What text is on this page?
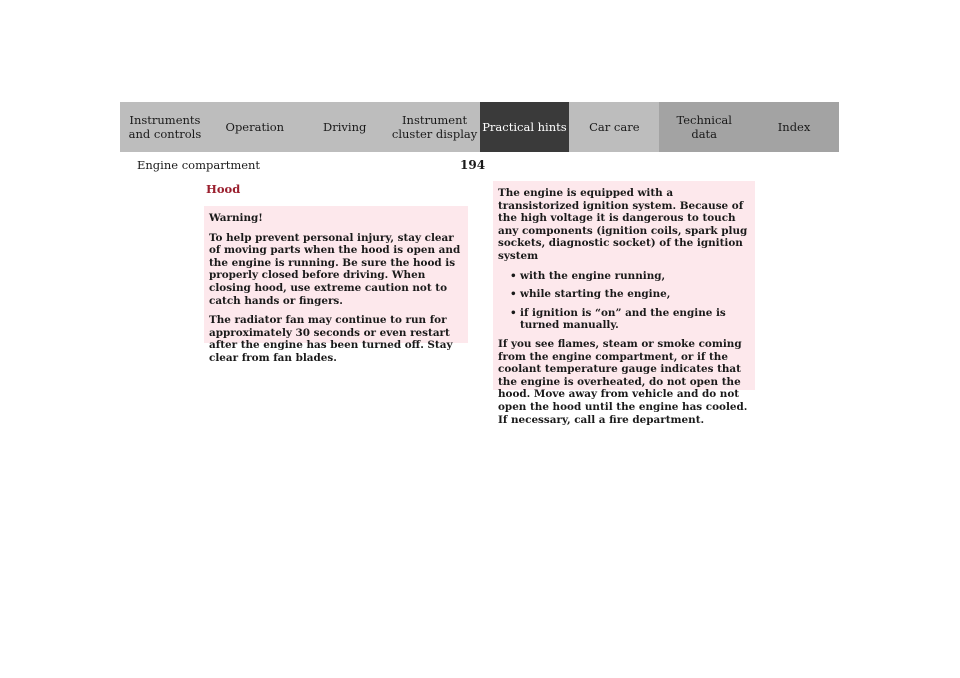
Instruments
and controls	Operation	Driving	Instrument
cluster display Practical hints	Car care	Technical
data	Index
Engine compartment	194
Hood

Warning!

To help prevent personal injury, stay clear of moving parts when the hood is open and the engine is running. Be sure the hood is properly closed before driving. When closing hood, use extreme caution not to catch hands or fingers.

The radiator fan may continue to run for approximately 30 seconds or even restart after the engine has been turned off. Stay clear from fan blades.

The engine is equipped with a transistorized ignition system. Because of the high voltage it is dangerous to touch any components (ignition coils, spark plug sockets, diagnostic socket) of the ignition system

• with the engine running,
• while starting the engine,
• if ignition is “on” and the engine is turned manually.

If you see flames, steam or smoke coming from the engine compartment, or if the coolant temperature gauge indicates that the engine is overheated, do not open the hood. Move away from vehicle and do not open the hood until the engine has cooled. If necessary, call a fire department.
